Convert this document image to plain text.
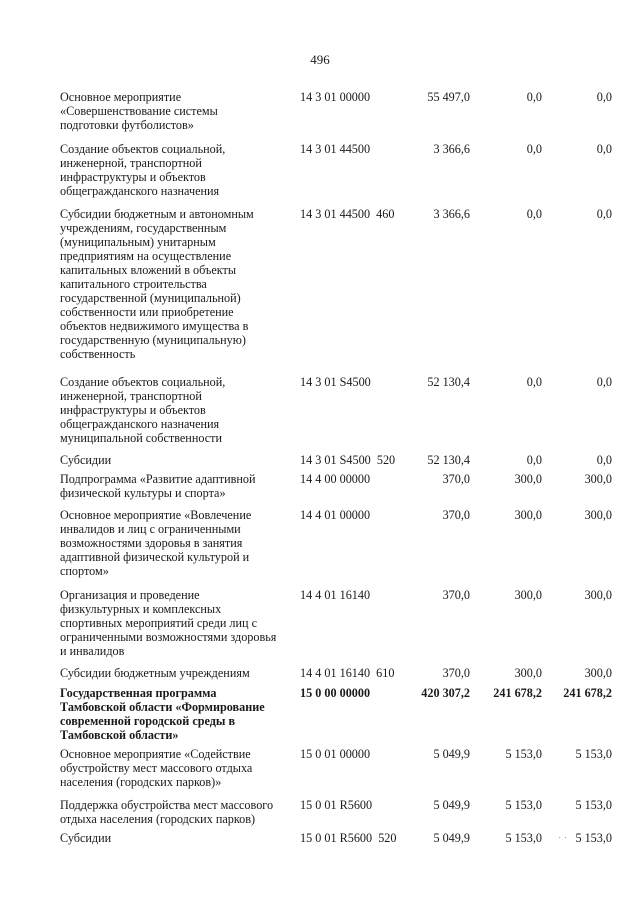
496
Основное мероприятие
«Совершенствование системы
подготовки футболистов»
14 3 01 00000	55 497,0	0,0	0,0
Создание объектов социальной,
инженерной, транспортной
инфраструктуры и объектов
общегражданского назначения
14 3 01 44500	3 366,6	0,0	0,0
Субсидии бюджетным и автономным
учреждениям, государственным
(муниципальным) унитарным
предприятиям на осуществление
капитальных вложений в объекты
капитального строительства
государственной (муниципальной)
собственности или приобретение
объектов недвижимого имущества в
государственную (муниципальную)
собственность
14 3 01 44500  460	3 366,6	0,0	0,0
Создание объектов социальной,
инженерной, транспортной
инфраструктуры и объектов
общегражданского назначения
муниципальной собственности
14 3 01 S4500	52 130,4	0,0	0,0
Субсидии	14 3 01 S4500  520	52 130,4	0,0	0,0
Подпрограмма «Развитие адаптивной
физической культуры и спорта»
14 4 00 00000	370,0	300,0	300,0
Основное мероприятие «Вовлечение
инвалидов и лиц с ограниченными
возможностями здоровья в занятия
адаптивной физической культурой и
спортом»
14 4 01 00000	370,0	300,0	300,0
Организация и проведение
физкультурных и комплексных
спортивных мероприятий среди лиц с
ограниченными возможностями здоровья
и инвалидов
14 4 01 16140	370,0	300,0	300,0
Субсидии бюджетным учреждениям	14 4 01 16140  610	370,0	300,0	300,0
Государственная программа
Тамбовской области «Формирование
современной городской среды в
Тамбовской области»
15 0 00 00000	420 307,2	241 678,2	241 678,2
Основное мероприятие «Содействие
обустройству мест массового отдыха
населения (городских парков)»
15 0 01 00000	5 049,9	5 153,0	5 153,0
Поддержка обустройства мест массового
отдыха населения (городских парков)
15 0 01 R5600	5 049,9	5 153,0	5 153,0
Субсидии	15 0 01 R5600  520	5 049,9	5 153,0	5 153,0
˙ ˙
